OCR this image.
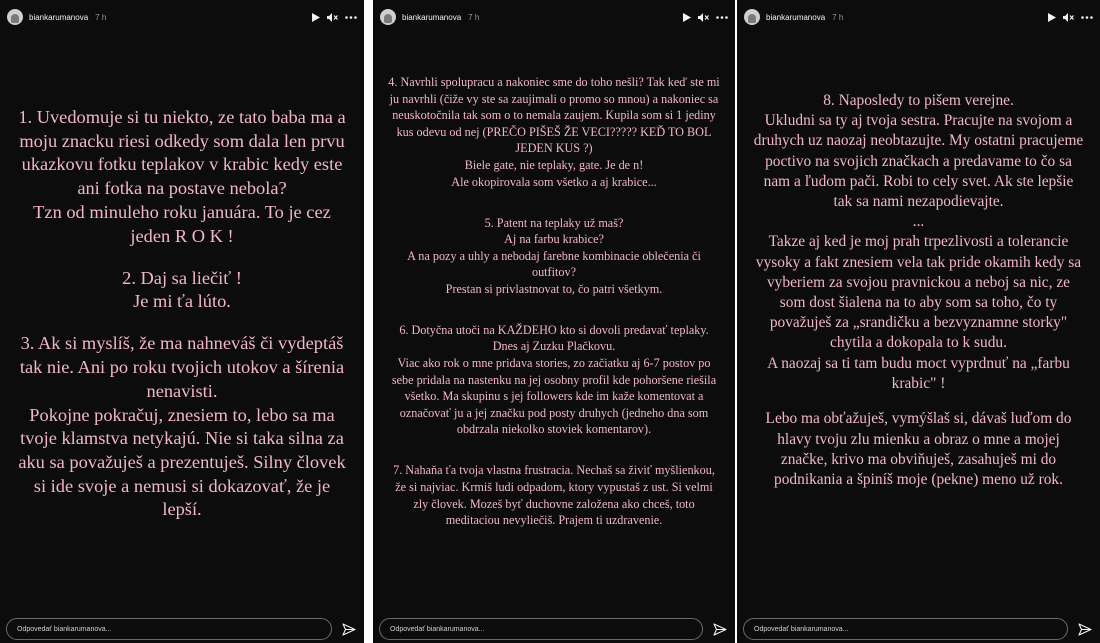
biankarumanova 7 h

1. Uvedomuje si tu niekto, ze tato baba ma a moju znacku riesi odkedy som dala len prvu ukazkovu fotku teplakov v krabic kedy este ani fotka na postave nebola?

Tzn od minuleho roku januára. To je cez jeden R O K !

2. Daj sa liečiť !

Je mi ťa lúto.

3. Ak si myslíš, že ma nahneváš či vydeptáš tak nie. Ani po roku tvojich utokov a šírenia nenavisti.

Pokojne pokračuj, znesiem to, lebo sa ma tvoje klamstva netykajú. Nie si taka silna za aku sa považuješ a prezentuješ. Silny človek si ide svoje a nemusi si dokazovať, že je lepší.

Odpovedať biankarumanova...
biankarumanova 7 h

4. Navrhli spolupracu a nakoniec sme do toho nešli? Tak keď ste mi ju navrhli (čiže vy ste sa zaujimali o promo so mnou) a nakoniec sa neuskotočnila tak som o to nemala zaujem. Kupila som si 1 jediny kus odevu od nej (PREČO PIŠEŠ ŽE VECI????? KEĎ TO BOL JEDEN KUS ?)

Biele gate, nie teplaky, gate. Je de n!

Ale okopirovala som všetko a aj krabice...

5. Patent na teplaky už maš?

Aj na farbu krabice?

A na pozy a uhly a nebodaj farebne kombinacie oblečenia či outfitov?

Prestan si privlastnovat to, čo patri všetkym.

6. Dotyčna utoči na KAŽDEHO kto si dovoli predavať teplaky. Dnes aj Zuzku Plačkovu.

Viac ako rok o mne pridava stories, zo začiatku aj 6-7 postov po sebe pridala na nastenku na jej osobny profil kde pohoršene riešila všetko. Ma skupinu s jej followers kde im kaže komentovat a označovať ju a jej značku pod posty druhych (jedneho dna som obdrzala niekolko stoviek komentarov).

7. Nahaňa ťa tvoja vlastna frustracia. Nechaš sa živiť myšlienkou, že si najviac. Krmiš ludi odpadom, ktory vypustaš z ust. Si velmi zly človek. Mozeš byť duchovne založena ako chceš, toto meditaciou nevyliečiš. Prajem ti uzdravenie.

Odpovedať biankarumanova...
biankarumanova 7 h

8. Naposledy to pišem verejne.

Ukludni sa ty aj tvoja sestra. Pracujte na svojom a druhych uz naozaj neobtazujte. My ostatni pracujeme poctivo na svojich značkach a predavame to čo sa nam a ľudom pači. Robi to cely svet. Ak ste lepšie tak sa nami nezapodievajte.

...

Takze aj ked je moj prah trpezlivosti a tolerancie vysoky a fakt znesiem vela tak pride okamih kedy sa vyberiem za svojou pravnickou a neboj sa nic, ze som dost šialena na to aby som sa toho, čo ty považuješ za „srandičku a bezvyznamne storky" chytila a dokopala to k sudu.

A naozaj sa ti tam budu moct vyprdnuť na „farbu krabic" !

Lebo ma obťažuješ, vymýšlaš si, dávaš luďom do hlavy tvoju zlu mienku a obraz o mne a mojej značke, krivo ma obviňuješ, zasahuješ mi do podnikania a špiníš moje (pekne) meno už rok.

Odpovedať biankarumanova...
